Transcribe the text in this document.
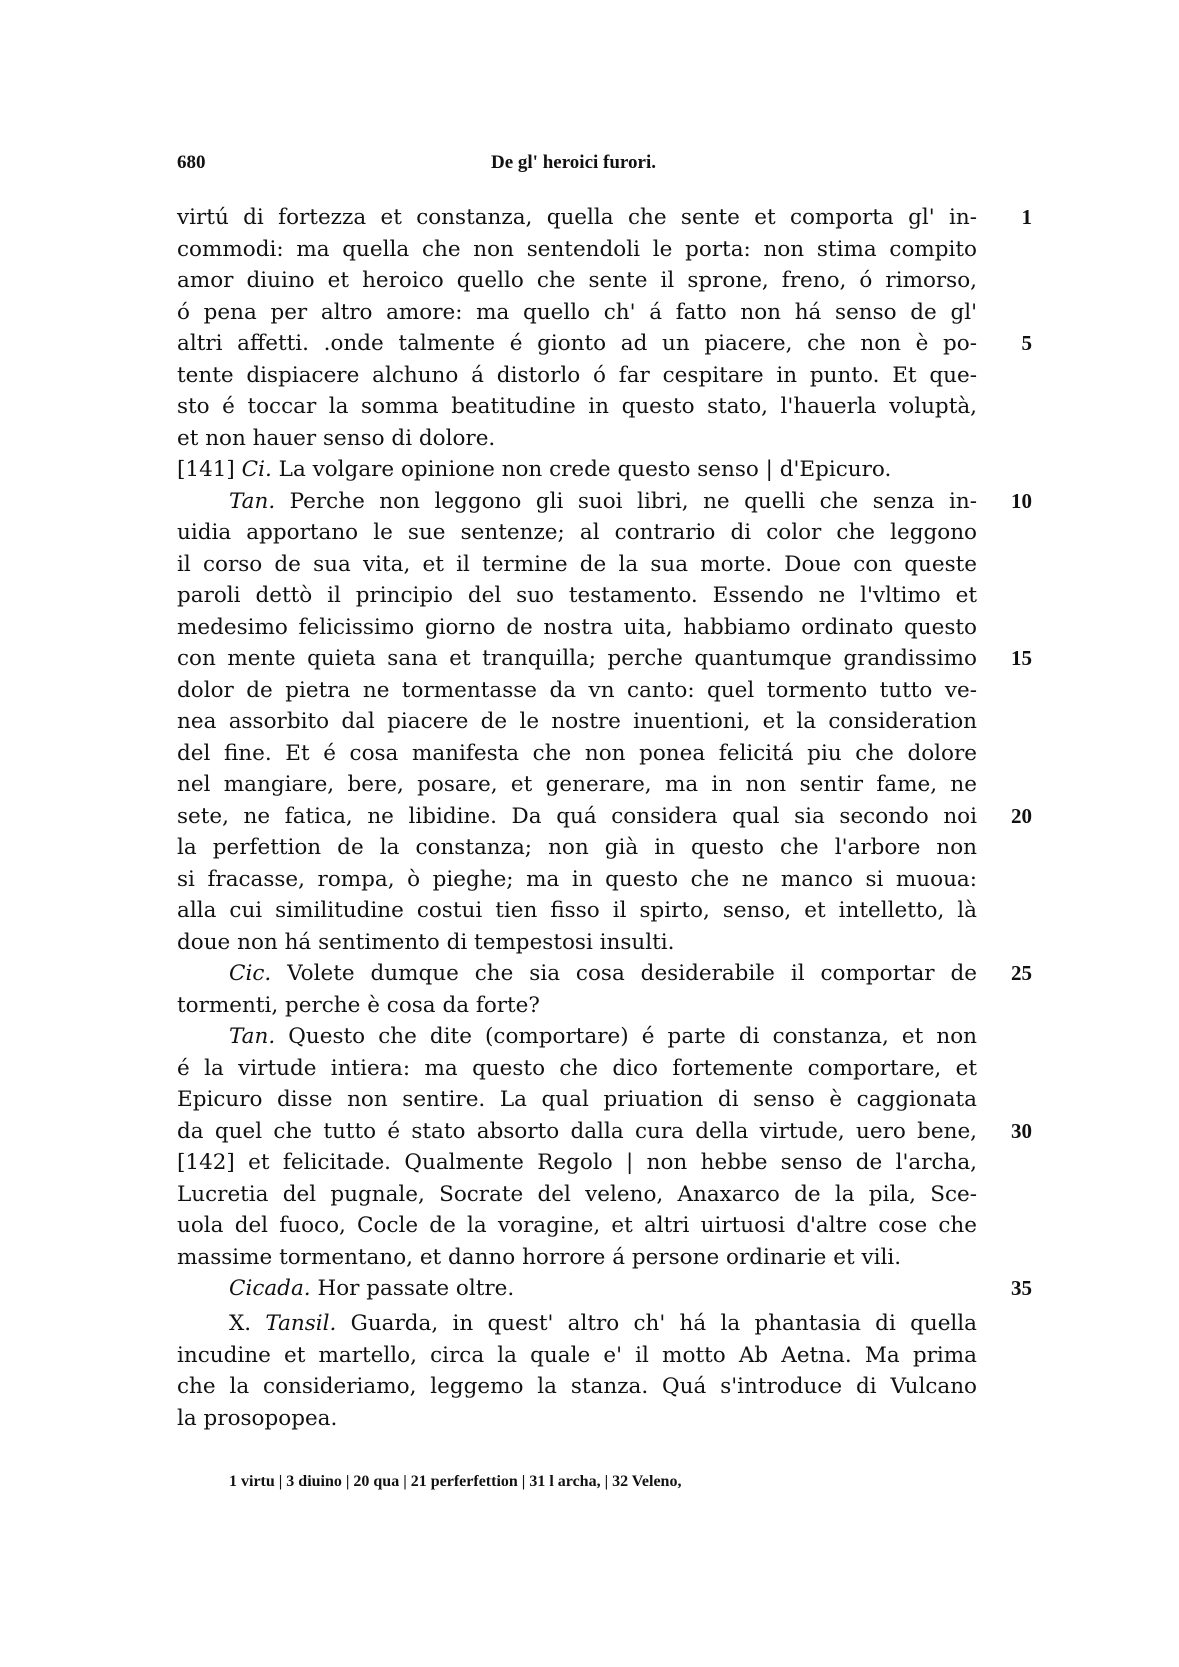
680	De gl' heroici furori.
virtú di fortezza et constanza, quella che sente et comporta gl' in-	1
commodi: ma quella che non sentendoli le porta: non stima compito
amor diuino et heroico quello che sente il sprone, freno, ó rimorso,
ó pena per altro amore: ma quello ch' á fatto non há senso de gl'
altri affetti. .onde talmente é gionto ad un piacere, che non è po-	5
tente dispiacere alchuno á distorlo ó far cespitare in punto. Et que-
sto é toccar la somma beatitudine in questo stato, l'hauerla voluptà,
et non hauer senso di dolore.
[141] Ci. La volgare opinione non crede questo senso | d'Epicuro.
Tan. Perche non leggono gli suoi libri, ne quelli che senza in-	10
uidia apportano le sue sentenze; al contrario di color che leggono
il corso de sua vita, et il termine de la sua morte. Doue con queste
paroli dettò il principio del suo testamento. Essendo ne l'vltimo et
medesimo felicissimo giorno de nostra uita, habbiamo ordinato questo
con mente quieta sana et tranquilla; perche quantumque grandissimo	15
dolor de pietra ne tormentasse da vn canto: quel tormento tutto ve-
nea assorbito dal piacere de le nostre inuentioni, et la consideration
del fine. Et é cosa manifesta che non ponea felicitá piu che dolore
nel mangiare, bere, posare, et generare, ma in non sentir fame, ne
sete, ne fatica, ne libidine. Da quá considera qual sia secondo noi	20
la perfettion de la constanza; non già in questo che l'arbore non
si fracasse, rompa, ò pieghe; ma in questo che ne manco si muoua:
alla cui similitudine costui tien fisso il spirto, senso, et intelletto, là
doue non há sentimento di tempestosi insulti.
Cic. Volete dumque che sia cosa desiderabile il comportar de	25
tormenti, perche è cosa da forte?
Tan. Questo che dite (comportare) é parte di constanza, et non
é la virtude intiera: ma questo che dico fortemente comportare, et
Epicuro disse non sentire. La qual priuation di senso è caggionata
da quel che tutto é stato absorto dalla cura della virtude, uero bene,	30
[142] et felicitade. Qualmente Regolo | non hebbe senso de l'archa,
Lucretia del pugnale, Socrate del veleno, Anaxarco de la pila, Sce-
uola del fuoco, Cocle de la voragine, et altri uirtuosi d'altre cose che
massime tormentano, et danno horrore á persone ordinarie et vili.
Cicada. Hor passate oltre.	35
X. Tansil. Guarda, in quest' altro ch' há la phantasia di quella
incudine et martello, circa la quale e' il motto Ab Aetna. Ma prima
che la consideriamo, leggemo la stanza. Quá s'introduce di Vulcano
la prosopopea.
1 virtu | 3 diuino | 20 qua | 21 perferfettion | 31 l archa, | 32 Veleno,
